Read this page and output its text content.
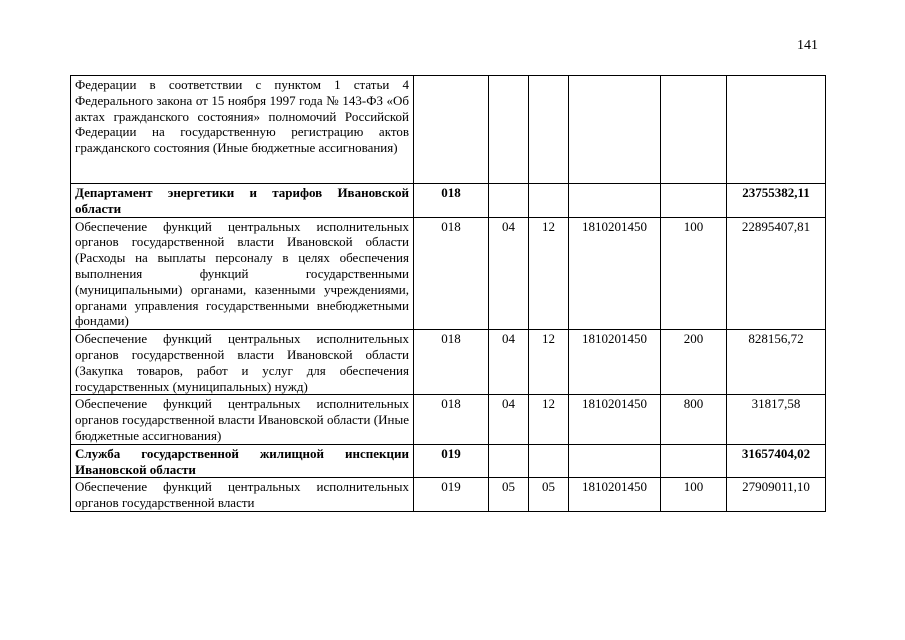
141
Федерации в соответствии с пунктом 1 статьи 4 Федерального закона от 15 ноября 1997 года № 143-ФЗ «Об актах гражданского состояния» полномочий Российской Федерации на государственную регистрацию актов гражданского состояния (Иные бюджетные ассигнования)						
Департамент энергетики и тарифов Ивановской области	018					23755382,11
Обеспечение функций центральных исполнительных органов государственной власти Ивановской области (Расходы на выплаты персоналу в целях обеспечения выполнения функций государственными (муниципальными) органами, казенными учреждениями, органами управления государственными внебюджетными фондами)	018	04	12	1810201450	100	22895407,81
Обеспечение функций центральных исполнительных органов государственной власти Ивановской области (Закупка товаров, работ и услуг для обеспечения государственных (муниципальных) нужд)	018	04	12	1810201450	200	828156,72
Обеспечение функций центральных исполнительных органов государственной власти Ивановской области (Иные бюджетные ассигнования)	018	04	12	1810201450	800	31817,58
Служба государственной жилищной инспекции Ивановской области	019					31657404,02
Обеспечение функций центральных исполнительных органов государственной власти	019	05	05	1810201450	100	27909011,10
